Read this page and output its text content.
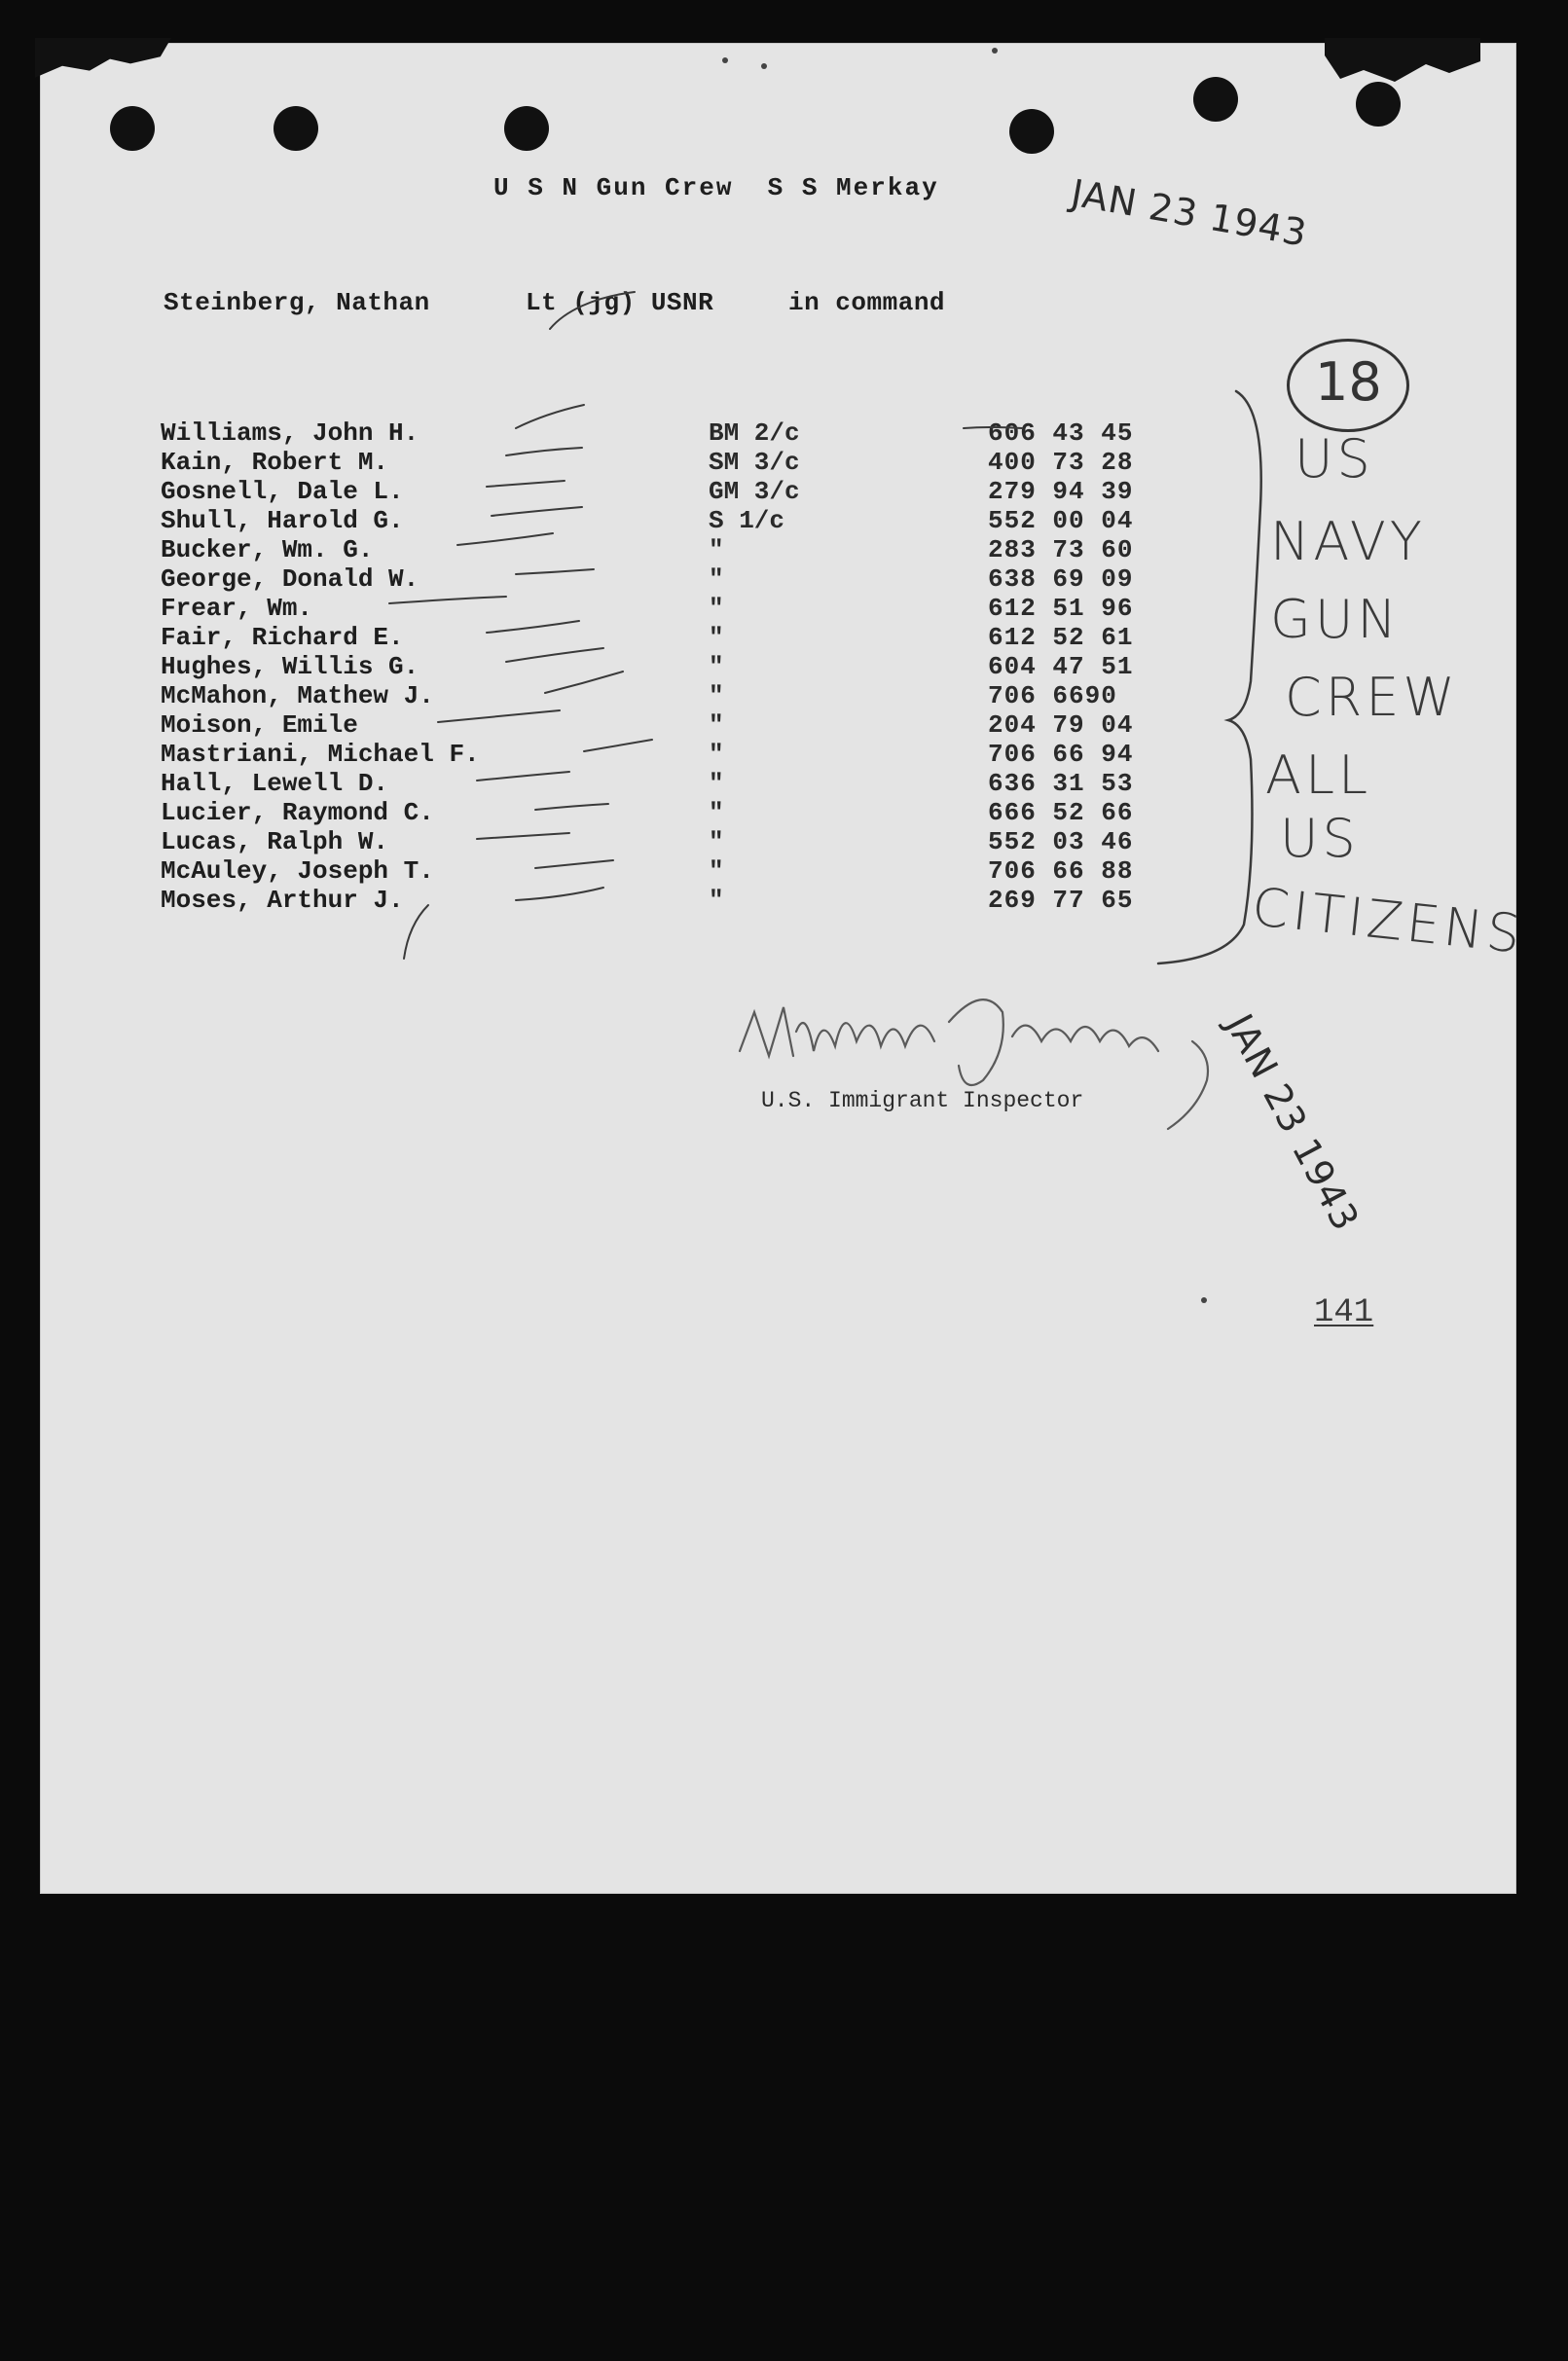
U S N Gun Crew  S S Merkay
Steinberg, Nathan	Lt (jg) USNR	in command
Williams, John H.	BM 2/c	606 43 45
Kain, Robert M.	SM 3/c	400 73 28
Gosnell, Dale L.	GM 3/c	279 94 39
Shull, Harold G.	S 1/c	552 00 04
Bucker, Wm. G.	"	283 73 60
George, Donald W.	"	638 69 09
Frear, Wm.	"	612 51 96
Fair, Richard E.	"	612 52 61
Hughes, Willis G.	"	604 47 51
McMahon, Mathew J.	"	706 6690
Moison, Emile	"	204 79 04
Mastriani, Michael F.	"	706 66 94
Hall, Lewell D.	"	636 31 53
Lucier, Raymond C.	"	666 52 66
Lucas, Ralph W.	"	552 03 46
McAuley, Joseph T.	"	706 66 88
Moses, Arthur J.	"	269 77 65
JAN 23 1943
JAN 23 1943
18
US
NAVY
GUN
CREW
ALL
US
CITIZENS
U.S. Immigrant Inspector
141
